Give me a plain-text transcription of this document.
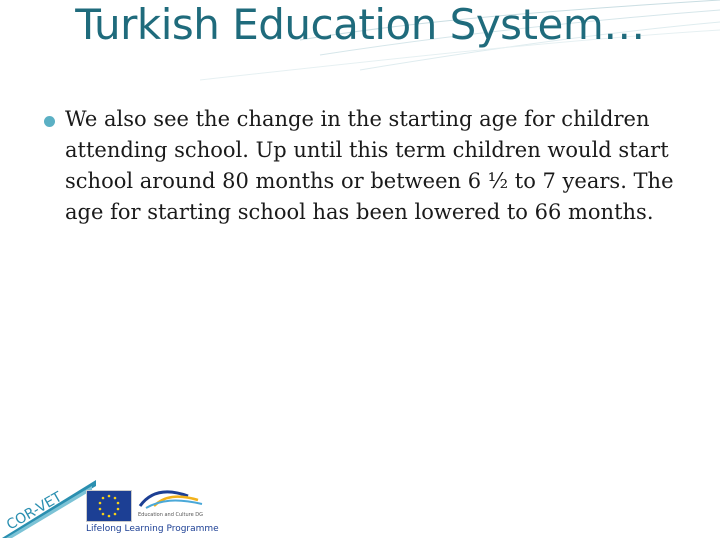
Turkish Education System…
We also see the change in the starting age for children attending school. Up until this term children would start school around 80 months or between 6 ½ to 7 years. The age for starting school has been lowered to 66 months.
COR-VET	Education and Culture DG
Lifelong Learning Programme
